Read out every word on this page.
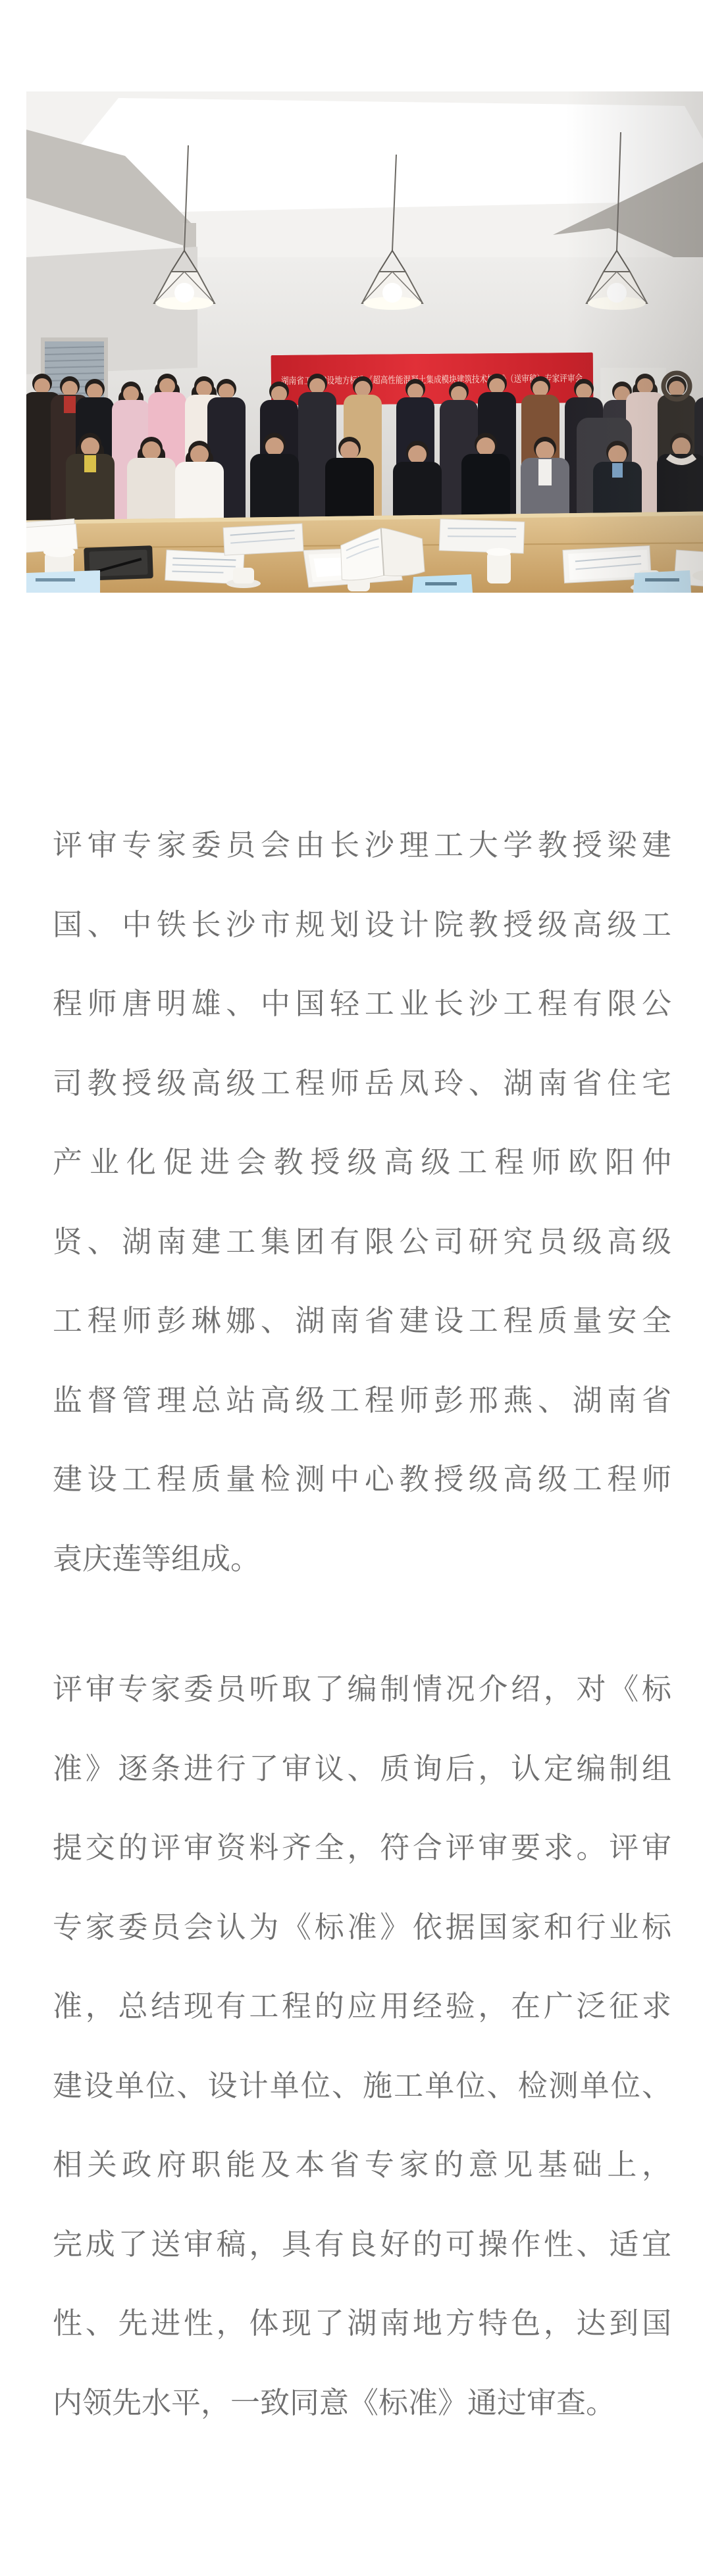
湖南省工程建设地方标准《超高性能混凝土集成模块建筑技术标准》（送审稿）专家评审会
评审专家委员会由长沙理工大学教授梁建
国、中铁长沙市规划设计院教授级高级工
程师唐明雄、中国轻工业长沙工程有限公
司教授级高级工程师岳凤玲、湖南省住宅
产业化促进会教授级高级工程师欧阳仲
贤、湖南建工集团有限公司研究员级高级
工程师彭琳娜、湖南省建设工程质量安全
监督管理总站高级工程师彭邢燕、湖南省
建设工程质量检测中心教授级高级工程师
袁庆莲等组成。
评审专家委员听取了编制情况介绍，对《标
准》逐条进行了审议、质询后，认定编制组
提交的评审资料齐全，符合评审要求。评审
专家委员会认为《标准》依据国家和行业标
准，总结现有工程的应用经验，在广泛征求
建设单位、设计单位、施工单位、检测单位、
相关政府职能及本省专家的意见基础上，
完成了送审稿，具有良好的可操作性、适宜
性、先进性，体现了湖南地方特色，达到国
内领先水平，一致同意《标准》通过审查。
